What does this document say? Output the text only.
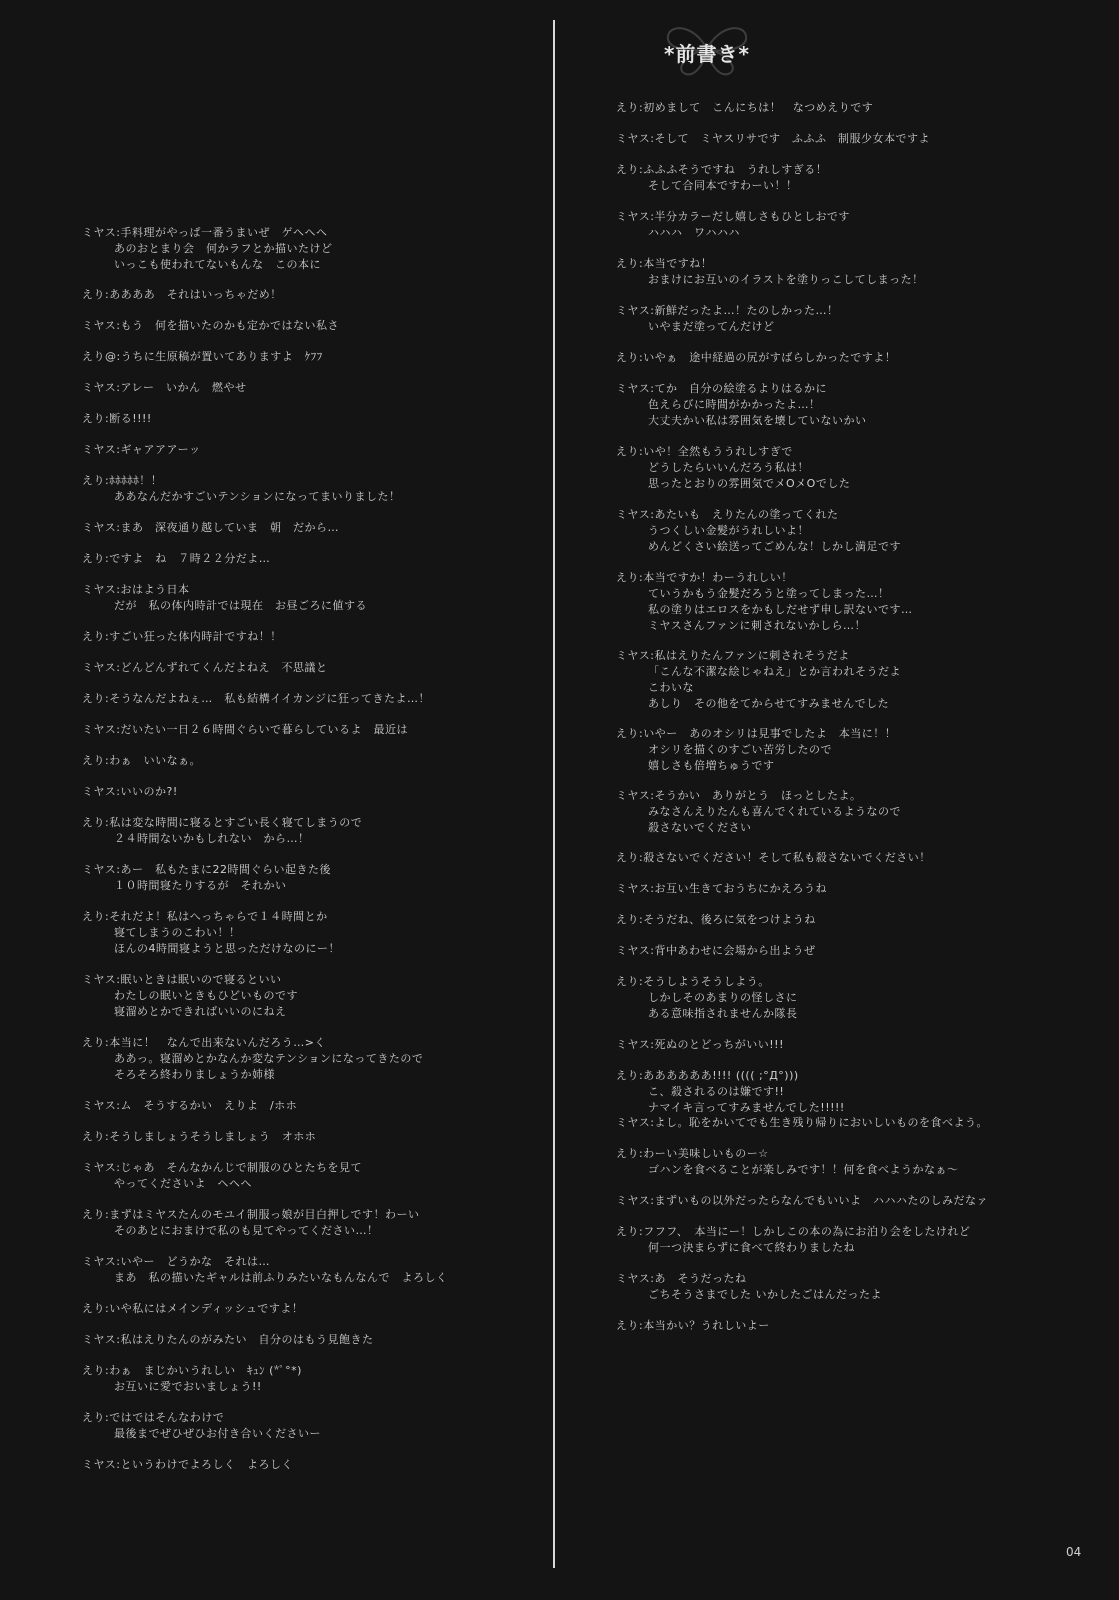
*前書き*
ミヤス:手料理がやっぱ一番うまいぜ　ゲヘヘヘ
あのおとまり会　何かラフとか描いたけど
いっこも使われてないもんな　この本に
えり:ああああ　それはいっちゃだめ！
ミヤス:もう　何を描いたのかも定かではない私さ
えり@:うちに生原稿が置いてありますよ　ｹﾌﾌ
ミヤス:アレー　いかん　燃やせ
えり:断る!!!!
ミヤス:ギャアアアーッ
えり:ﾎﾎﾎﾎﾎ！！
ああなんだかすごいテンションになってまいりました！
ミヤス:まあ　深夜通り越していま　朝　だから…
えり:ですよ　ね　７時２２分だよ…
ミヤス:おはよう日本
だが　私の体内時計では現在　お昼ごろに値する
えり:すごい狂った体内時計ですね！！
ミヤス:どんどんずれてくんだよねえ　不思議と
えり:そうなんだよねぇ…　私も結構イイカンジに狂ってきたよ…！
ミヤス:だいたい一日２６時間ぐらいで暮らしているよ　最近は
えり:わぁ　いいなぁ。
ミヤス:いいのか?!
えり:私は変な時間に寝るとすごい長く寝てしまうので
２４時間ないかもしれない　から…！
ミヤス:あー　私もたまに22時間ぐらい起きた後
１０時間寝たりするが　それかい
えり:それだよ！私はへっちゃらで１４時間とか
寝てしまうのこわい！！
ほんの4時間寝ようと思っただけなのにー！
ミヤス:眠いときは眠いので寝るといい
わたしの眠いときもひどいものです
寝溜めとかできればいいのにねえ
えり:本当に！　なんで出来ないんだろう…>く
ああっ。寝溜めとかなんか変なテンションになってきたので
そろそろ終わりましょうか姉様
ミヤス:ム　そうするかい　えりよ　/ホホ
えり:そうしましょうそうしましょう　オホホ
ミヤス:じゃあ　そんなかんじで制服のひとたちを見て
やってくださいよ　ヘヘヘ
えり:まずはミヤスたんのモユイ制服っ娘が目白押しです！わーい
そのあとにおまけで私のも見てやってください…！
ミヤス:いやー　どうかな　それは…
まあ　私の描いたギャルは前ふりみたいなもんなんで　よろしく
えり:いや私にはメインディッシュですよ！
ミヤス:私はえりたんのがみたい　自分のはもう見飽きた
えり:わぁ　まじかいうれしい　ｷｭﾝ (*ﾟ°*)
お互いに愛でおいましょう!!
えり:ではではそんなわけで
最後までぜひぜひお付き合いくださいー
ミヤス:というわけでよろしく　よろしく
えり:初めまして　こんにちは！　なつめえりです
ミヤス:そして　ミヤスリサです　ふふふ　制服少女本ですよ
えり:ふふふそうですね　うれしすぎる！
そして合同本ですわーい！！
ミヤス:半分カラーだし嬉しさもひとしおです
ハハハ　ワハハハ
えり:本当ですね！
おまけにお互いのイラストを塗りっこしてしまった！
ミヤス:新鮮だったよ…！たのしかった…！
いやまだ塗ってんだけど
えり:いやぁ　途中経過の尻がすばらしかったですよ！
ミヤス:てか　自分の絵塗るよりはるかに
色えらびに時間がかかったよ…！
大丈夫かい私は雰囲気を壊していないかい
えり:いや！全然もううれしすぎで
どうしたらいいんだろう私は！
思ったとおりの雰囲気でメOメOでした
ミヤス:あたいも　えりたんの塗ってくれた
うつくしい金髪がうれしいよ！
めんどくさい絵送ってごめんな！しかし満足です
えり:本当ですか！わーうれしい！
ていうかもう金髪だろうと塗ってしまった…！
私の塗りはエロスをかもしだせず申し訳ないです…
ミヤスさんファンに刺されないかしら…！
ミヤス:私はえりたんファンに刺されそうだよ
「こんな不潔な絵じゃねえ」とか言われそうだよ
こわいな
あしり　その他をてからせてすみませんでした
えり:いやー　あのオシリは見事でしたよ　本当に！！
オシリを描くのすごい苦労したので
嬉しさも倍増ちゅうです
ミヤス:そうかい　ありがとう　ほっとしたよ。
みなさんえりたんも喜んでくれているようなので
殺さないでください
えり:殺さないでください！そして私も殺さないでください！
ミヤス:お互い生きておうちにかえろうね
えり:そうだね、後ろに気をつけようね
ミヤス:背中あわせに会場から出ようぜ
えり:そうしようそうしよう。
しかしそのあまりの怪しさに
ある意味指されませんか隊長
ミヤス:死ぬのとどっちがいい!!!
えり:ああああああ!!!! (((( ;°Д°)))
こ、殺されるのは嫌です!!
ナマイキ言ってすみませんでした!!!!!
ミヤス:よし。恥をかいてでも生き残り帰りにおいしいものを食べよう。
えり:わーい美味しいものー☆
ゴハンを食べることが楽しみです！！何を食べようかなぁ～
ミヤス:まずいもの以外だったらなんでもいいよ　ハハハたのしみだなァ
えり:フフフ、　本当にー！しかしこの本の為にお泊り会をしたけれど
何一つ決まらずに食べて終わりましたね
ミヤス:あ　そうだったね
ごちそうさまでした いかしたごはんだったよ
えり:本当かい？うれしいよー
04
